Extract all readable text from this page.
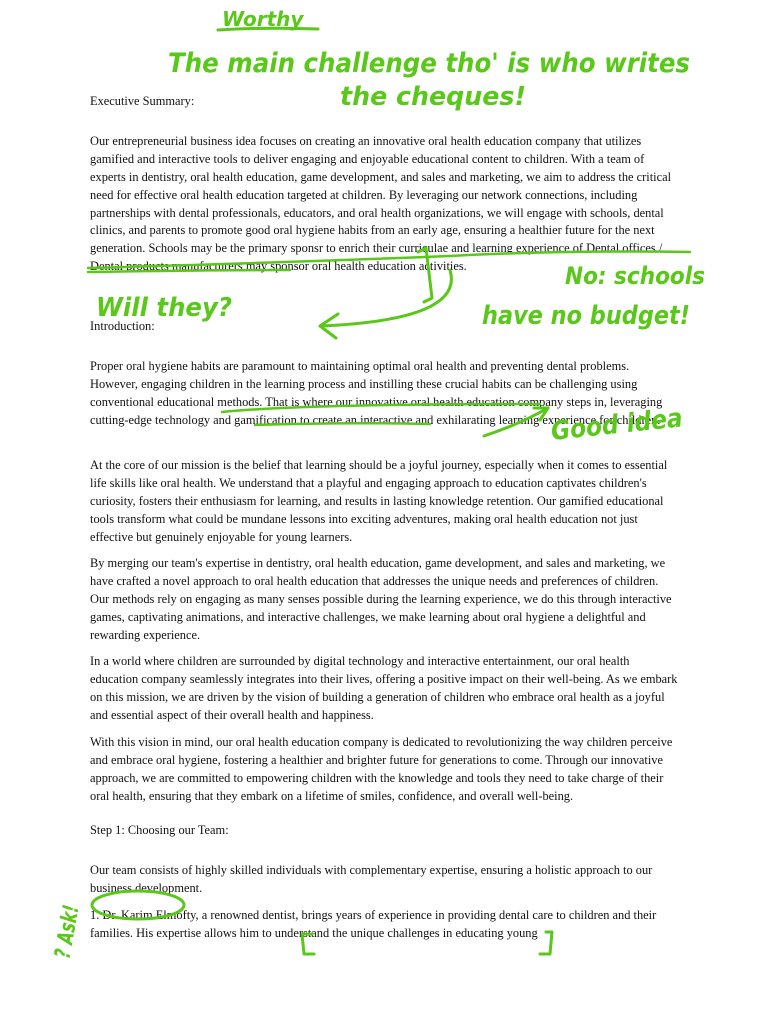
Executive Summary:

Our entrepreneurial business idea focuses on creating an innovative oral health education company that utilizes gamified and interactive tools to deliver engaging and enjoyable educational content to children. With a team of experts in dentistry, oral health education, game development, and sales and marketing, we aim to address the critical need for effective oral health education targeted at children. By leveraging our network connections, including partnerships with dental professionals, educators, and oral health organizations, we will engage with schools, dental clinics, and parents to promote good oral hygiene habits from an early age, ensuring a healthier future for the next generation. Schools may be the primary sponsr to enrich their curriculae and learning experience of Dental offices / Dental products manufacturers may sponsor oral health education activities.

Introduction:

Proper oral hygiene habits are paramount to maintaining optimal oral health and preventing dental problems. However, engaging children in the learning process and instilling these crucial habits can be challenging using conventional educational methods. That is where our innovative oral health education company steps in, leveraging cutting-edge technology and gamification to create an interactive and exhilarating learning experience for children.

At the core of our mission is the belief that learning should be a joyful journey, especially when it comes to essential life skills like oral health. We understand that a playful and engaging approach to education captivates children's curiosity, fosters their enthusiasm for learning, and results in lasting knowledge retention. Our gamified educational tools transform what could be mundane lessons into exciting adventures, making oral health education not just effective but genuinely enjoyable for young learners.

By merging our team's expertise in dentistry, oral health education, game development, and sales and marketing, we have crafted a novel approach to oral health education that addresses the unique needs and preferences of children. Our methods rely on engaging as many senses possible during the learning experience, we do this through interactive games, captivating animations, and interactive challenges, we make learning about oral hygiene a delightful and rewarding experience.

In a world where children are surrounded by digital technology and interactive entertainment, our oral health education company seamlessly integrates into their lives, offering a positive impact on their well-being. As we embark on this mission, we are driven by the vision of building a generation of children who embrace oral health as a joyful and essential aspect of their overall health and happiness.

With this vision in mind, our oral health education company is dedicated to revolutionizing the way children perceive and embrace oral hygiene, fostering a healthier and brighter future for generations to come. Through our innovative approach, we are committed to empowering children with the knowledge and tools they need to take charge of their oral health, ensuring that they embark on a lifetime of smiles, confidence, and overall well-being.

Step 1: Choosing our Team:

Our team consists of highly skilled individuals with complementary expertise, ensuring a holistic approach to our business development.

1. Dr. Karim Elmofty, a renowned dentist, brings years of experience in providing dental care to children and their families. His expertise allows him to understand the unique challenges in educating young

Worthy
The main challenge tho' is who writes
the cheques!
Will they?
No: schools
have no budget!
Good idea
? Ask!
